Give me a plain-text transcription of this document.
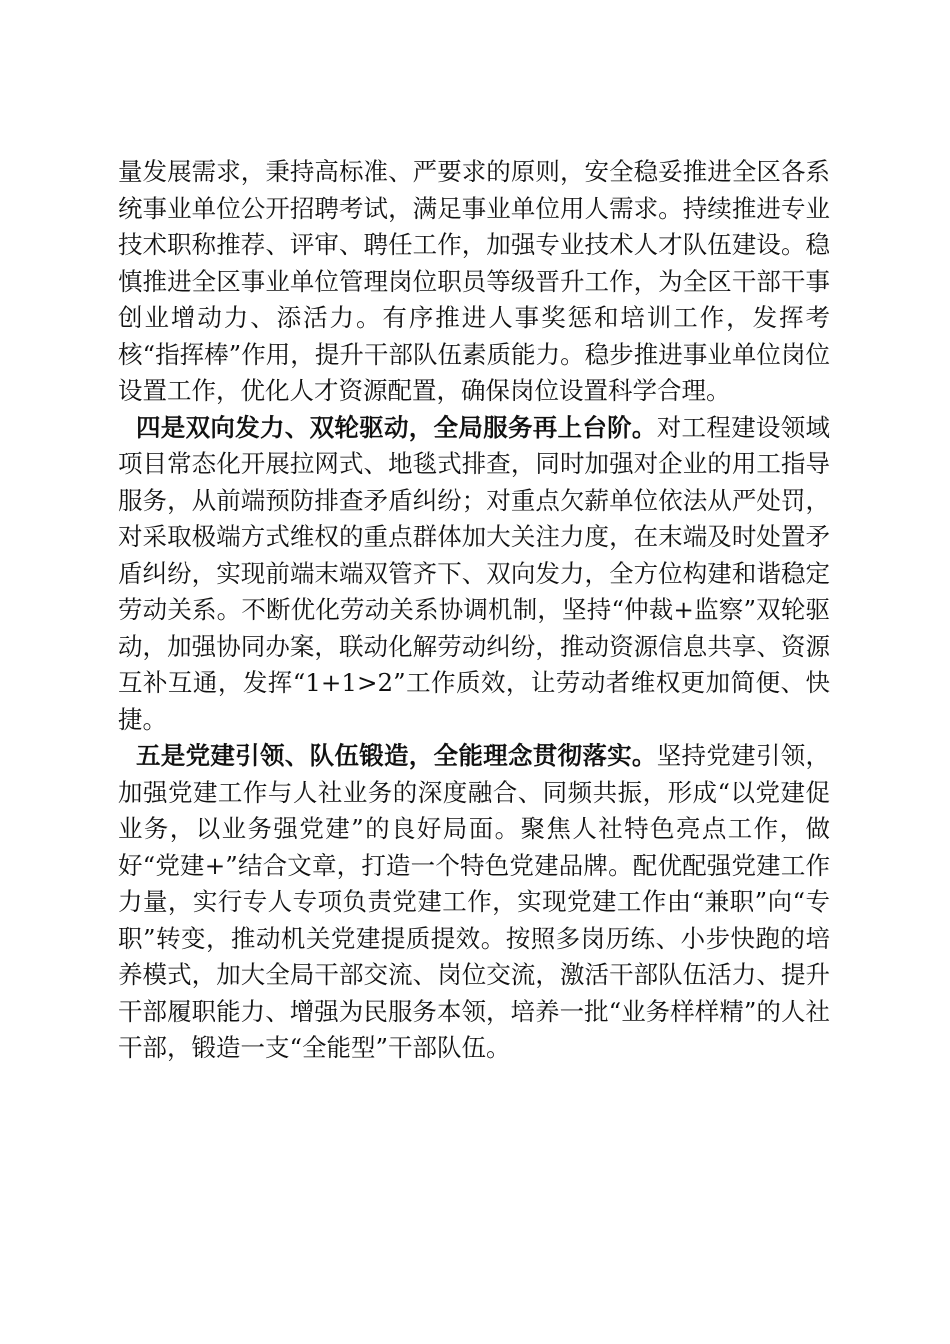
量发展需求，秉持高标准、严要求的原则，安全稳妥推进全区各系统事业单位公开招聘考试，满足事业单位用人需求。持续推进专业技术职称推荐、评审、聘任工作，加强专业技术人才队伍建设。稳慎推进全区事业单位管理岗位职员等级晋升工作，为全区干部干事创业增动力、添活力。有序推进人事奖惩和培训工作，发挥考核“指挥棒”作用，提升干部队伍素质能力。稳步推进事业单位岗位设置工作，优化人才资源配置，确保岗位设置科学合理。

四是双向发力、双轮驱动，全局服务再上台阶。对工程建设领域项目常态化开展拉网式、地毯式排查，同时加强对企业的用工指导服务，从前端预防排查矛盾纠纷；对重点欠薪单位依法从严处罚，对采取极端方式维权的重点群体加大关注力度，在末端及时处置矛盾纠纷，实现前端末端双管齐下、双向发力，全方位构建和谐稳定劳动关系。不断优化劳动关系协调机制，坚持“仲裁+监察”双轮驱动，加强协同办案，联动化解劳动纠纷，推动资源信息共享、资源互补互通，发挥“1+1>2”工作质效，让劳动者维权更加简便、快捷。

五是党建引领、队伍锻造，全能理念贯彻落实。坚持党建引领，加强党建工作与人社业务的深度融合、同频共振，形成“以党建促业务，以业务强党建”的良好局面。聚焦人社特色亮点工作，做好“党建+”结合文章，打造一个特色党建品牌。配优配强党建工作力量，实行专人专项负责党建工作，实现党建工作由“兼职”向“专职”转变，推动机关党建提质提效。按照多岗历练、小步快跑的培养模式，加大全局干部交流、岗位交流，激活干部队伍活力、提升干部履职能力、增强为民服务本领，培养一批“业务样样精”的人社干部，锻造一支“全能型”干部队伍。
